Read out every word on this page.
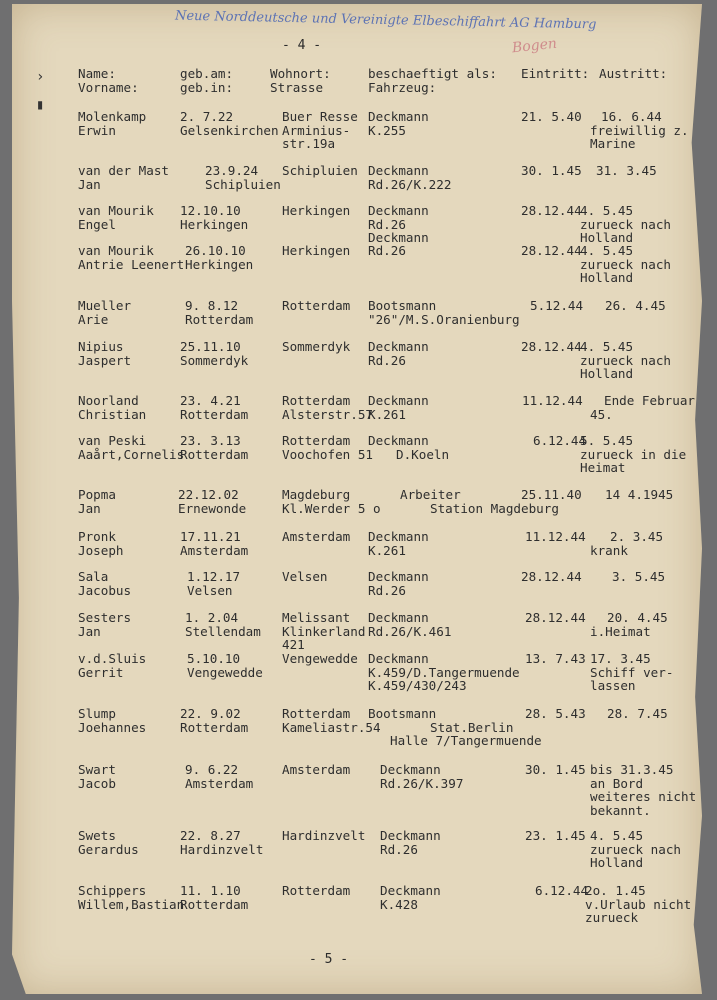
›

▮
Neue Norddeutsche und Vereinigte Elbeschiffahrt AG Hamburg
Bogen
- 4 -
Name:
Vorname:
geb.am:
geb.in:
Wohnort:
Strasse
beschaeftigt als:
Fahrzeug:
Eintritt: Austritt:
Molenkamp
Erwin
2. 7.22
Gelsenkirchen
Buer Resse
Arminius-
str.19a
Deckmann
K.255
21. 5.40 16. 6.44
freiwillig z.
Marine
van der Mast
Jan
23.9.24
Schipluien
Schipluien Deckmann
Rd.26/K.222
30. 1.45 31. 3.45
van Mourik
Engel
12.10.10
Herkingen
Herkingen Deckmann
Rd.26
28.12.44
4. 5.45
zurueck nach
Holland
van Mourik
Antrie Leenert
26.10.10
Herkingen
Herkingen
Deckmann
Rd.26	28.12.44
4. 5.45
zurueck nach
Holland
Mueller
Arie
9. 8.12
Rotterdam
Rotterdam Bootsmann
"26"/M.S.Oranienburg
5.12.44 26. 4.45
Nipius
Jaspert
25.11.10
Sommerdyk
Sommerdyk Deckmann
Rd.26
28.12.44
4. 5.45
zurueck nach
Holland
Noorland
Christian
23. 4.21
Rotterdam
Rotterdam
Alsterstr.57
Deckmann
K.261
11.12.44 Ende Februar
45.
van Peski
Aaårt,Cornelis
23. 3.13
Rotterdam
Rotterdam
Voochofen 51
Deckmann
D.Koeln
6.12.44
5. 5.45
zurueck in die
Heimat
Popma
Jan
22.12.02
Ernewonde
Magdeburg
Kl.Werder 5 o
Arbeiter
Station Magdeburg
25.11.40 14 4.1945
Pronk
Joseph
17.11.21
Amsterdam
Amsterdam Deckmann
K.261
11.12.44 2. 3.45
krank
Sala
Jacobus
1.12.17
Velsen
Velsen	Deckmann
Rd.26
28.12.44 3. 5.45
Sesters
Jan
1. 2.04
Stellendam
Melissant
Klinkerland
421
Deckmann
Rd.26/K.461
28.12.44 20. 4.45
i.Heimat
v.d.Sluis
Gerrit
5.10.10
Vengewedde
Vengewedde Deckmann
K.459/D.Tangermuende
K.459/430/243
13. 7.43 17. 3.45
Schiff ver-
lassen
Slump
Joehannes
22. 9.02
Rotterdam
Rotterdam
Kameliastr.54
Bootsmann
Stat.Berlin
Halle 7/Tangermuende
28. 5.43 28. 7.45
Swart
Jacob
9. 6.22
Amsterdam
Amsterdam Deckmann
Rd.26/K.397
30. 1.45 bis 31.3.45
an Bord
weiteres nicht
bekannt.
Swets
Gerardus
22. 8.27
Hardinzvelt
Hardinzvelt Deckmann
Rd.26
23. 1.45 4. 5.45
zurueck nach
Holland
Schippers
Willem,Bastian
11. 1.10
Rotterdam
Rotterdam Deckmann
K.428
6.12.44
2o. 1.45
v.Urlaub nicht
zurueck
- 5 -
